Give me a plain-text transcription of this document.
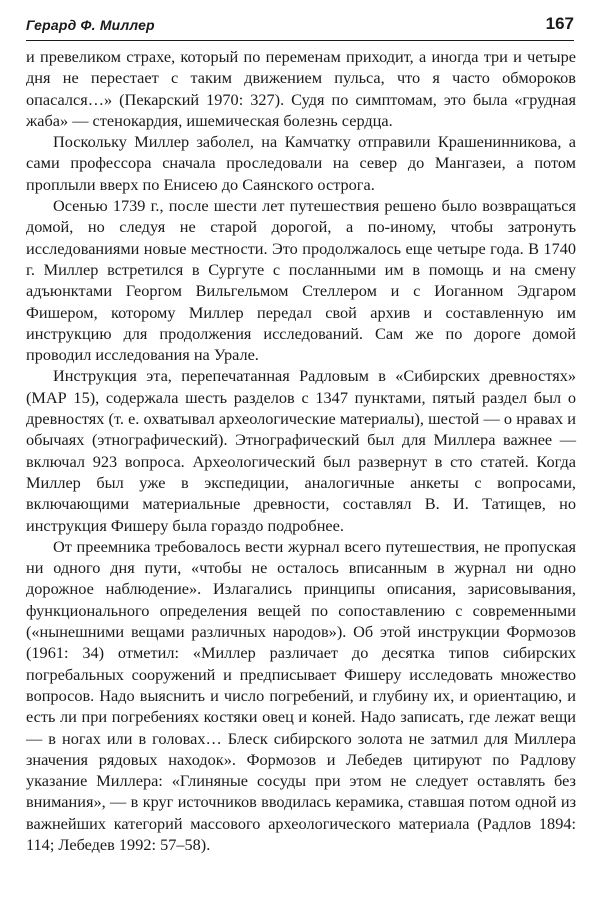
Герард Ф. Миллер	167

и превеликом страхе, который по переменам приходит, а иногда три и четыре дня не перестает с таким движением пульса, что я часто обмороков опасался…» (Пекарский 1970: 327). Судя по симптомам, это была «грудная жаба» — стенокардия, ишемическая болезнь сердца.

Поскольку Миллер заболел, на Камчатку отправили Крашенинникова, а сами профессора сначала проследовали на север до Мангазеи, а потом проплыли вверх по Енисею до Саянского острога.

Осенью 1739 г., после шести лет путешествия решено было возвращаться домой, но следуя не старой дорогой, а по-иному, чтобы затронуть исследованиями новые местности. Это продолжалось еще четыре года. В 1740 г. Миллер встретился в Сургуте с посланными им в помощь и на смену адъюнктами Георгом Вильгельмом Стеллером и с Иоганном Эдгаром Фишером, которому Миллер передал свой архив и составленную им инструкцию для продолжения исследований. Сам же по дороге домой проводил исследования на Урале.

Инструкция эта, перепечатанная Радловым в «Сибирских древностях» (МАР 15), содержала шесть разделов с 1347 пунктами, пятый раздел был о древностях (т. е. охватывал археологические материалы), шестой — о нравах и обычаях (этнографический). Этнографический был для Миллера важнее — включал 923 вопроса. Археологический был развернут в сто статей. Когда Миллер был уже в экспедиции, аналогичные анкеты с вопросами, включающими материальные древности, составлял В. И. Татищев, но инструкция Фишеру была гораздо подробнее.

От преемника требовалось вести журнал всего путешествия, не пропуская ни одного дня пути, «чтобы не осталось вписанным в журнал ни одно дорожное наблюдение». Излагались принципы описания, зарисовывания, функционального определения вещей по сопоставлению с современными («нынешними вещами различных народов»). Об этой инструкции Формозов (1961: 34) отметил: «Миллер различает до десятка типов сибирских погребальных сооружений и предписывает Фишеру исследовать множество вопросов. Надо выяснить и число погребений, и глубину их, и ориентацию, и есть ли при погребениях костяки овец и коней. Надо записать, где лежат вещи — в ногах или в головах… Блеск сибирского золота не затмил для Миллера значения рядовых находок». Формозов и Лебедев цитируют по Радлову указание Миллера: «Глиняные сосуды при этом не следует оставлять без внимания», — в круг источников вводилась керамика, ставшая потом одной из важнейших категорий массового археологического материала (Радлов 1894: 114; Лебедев 1992: 57–58).
